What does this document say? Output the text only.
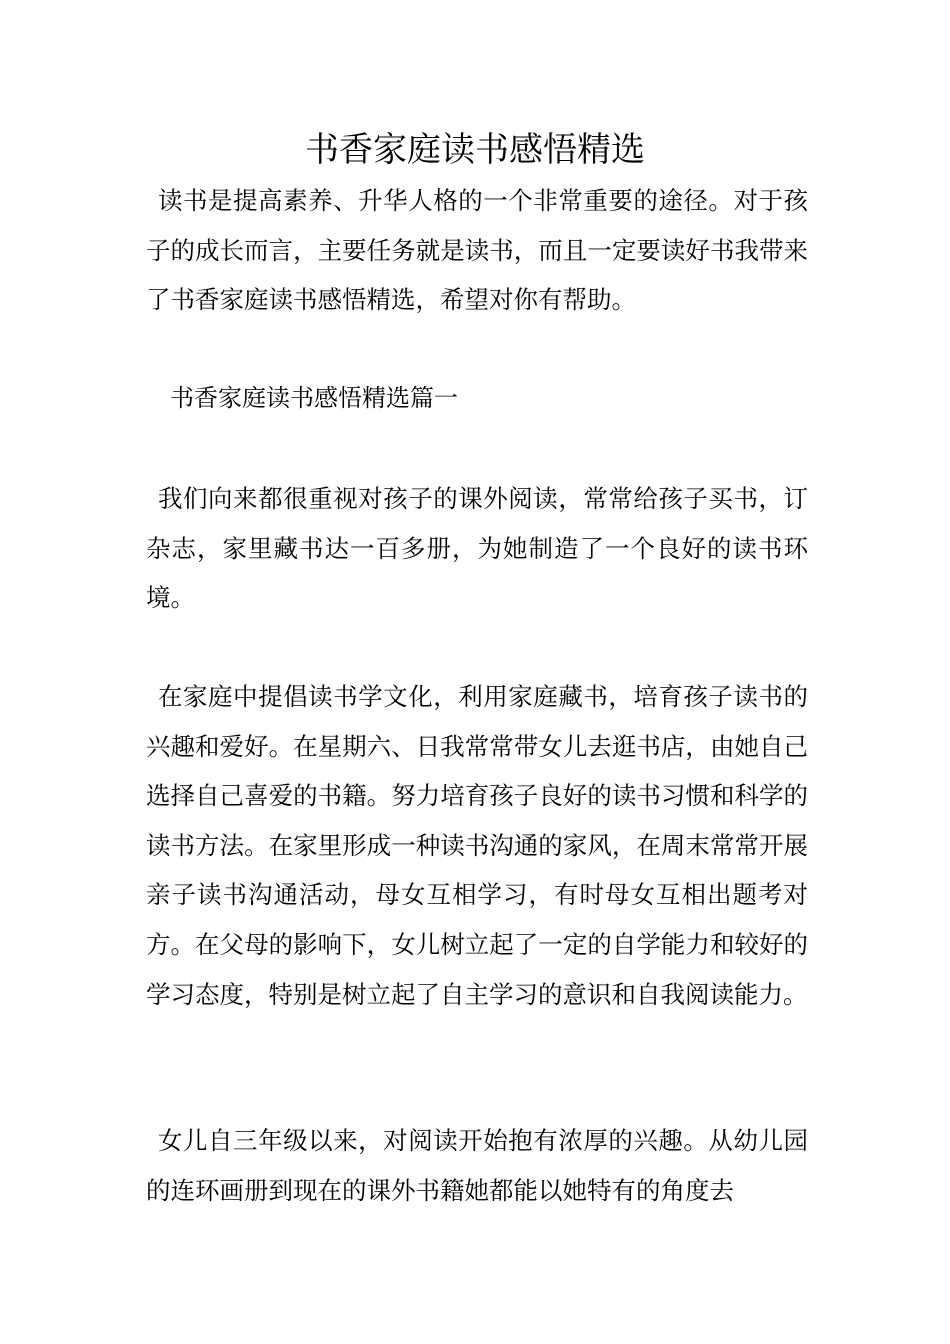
书香家庭读书感悟精选

读书是提高素养、升华人格的一个非常重要的途径。对于孩子的成长而言，主要任务就是读书，而且一定要读好书我带来了书香家庭读书感悟精选，希望对你有帮助。

书香家庭读书感悟精选篇一

我们向来都很重视对孩子的课外阅读，常常给孩子买书，订杂志，家里藏书达一百多册，为她制造了一个良好的读书环境。

在家庭中提倡读书学文化，利用家庭藏书，培育孩子读书的兴趣和爱好。在星期六、日我常常带女儿去逛书店，由她自己选择自己喜爱的书籍。努力培育孩子良好的读书习惯和科学的读书方法。在家里形成一种读书沟通的家风，在周末常常开展亲子读书沟通活动，母女互相学习，有时母女互相出题考对方。在父母的影响下，女儿树立起了一定的自学能力和较好的学习态度，特别是树立起了自主学习的意识和自我阅读能力。

女儿自三年级以来，对阅读开始抱有浓厚的兴趣。从幼儿园的连环画册到现在的课外书籍她都能以她特有的角度去
